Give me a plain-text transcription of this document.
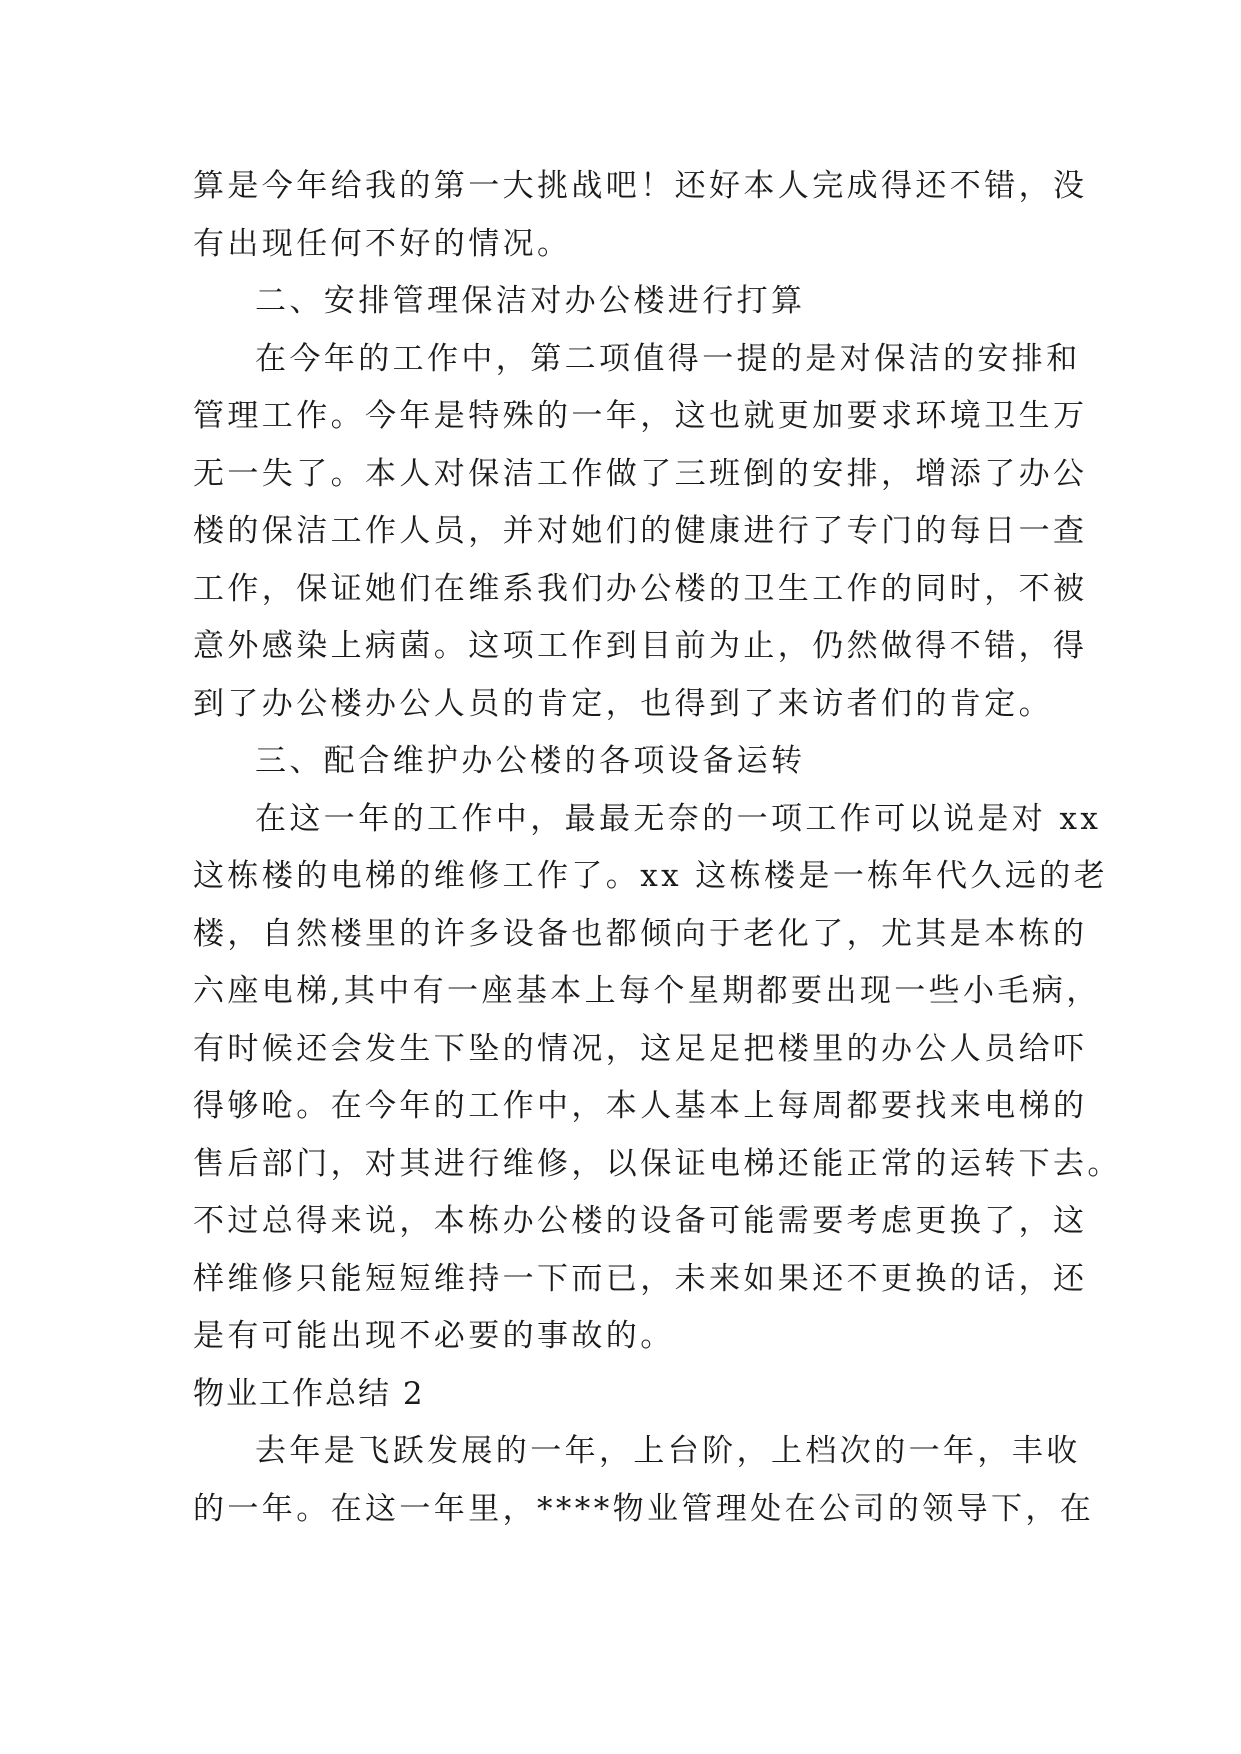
算是今年给我的第一大挑战吧！还好本人完成得还不错，没
有出现任何不好的情况。
二、安排管理保洁对办公楼进行打算
在今年的工作中，第二项值得一提的是对保洁的安排和
管理工作。今年是特殊的一年，这也就更加要求环境卫生万
无一失了。本人对保洁工作做了三班倒的安排，增添了办公
楼的保洁工作人员，并对她们的健康进行了专门的每日一查
工作，保证她们在维系我们办公楼的卫生工作的同时，不被
意外感染上病菌。这项工作到目前为止，仍然做得不错，得
到了办公楼办公人员的肯定，也得到了来访者们的肯定。
三、配合维护办公楼的各项设备运转
在这一年的工作中，最最无奈的一项工作可以说是对 xx
这栋楼的电梯的维修工作了。xx 这栋楼是一栋年代久远的老
楼，自然楼里的许多设备也都倾向于老化了，尤其是本栋的
六座电梯,其中有一座基本上每个星期都要出现一些小毛病，
有时候还会发生下坠的情况，这足足把楼里的办公人员给吓
得够呛。在今年的工作中，本人基本上每周都要找来电梯的
售后部门，对其进行维修，以保证电梯还能正常的运转下去。
不过总得来说，本栋办公楼的设备可能需要考虑更换了，这
样维修只能短短维持一下而已，未来如果还不更换的话，还
是有可能出现不必要的事故的。
物业工作总结 2
去年是飞跃发展的一年，上台阶，上档次的一年，丰收
的一年。在这一年里，****物业管理处在公司的领导下，在
